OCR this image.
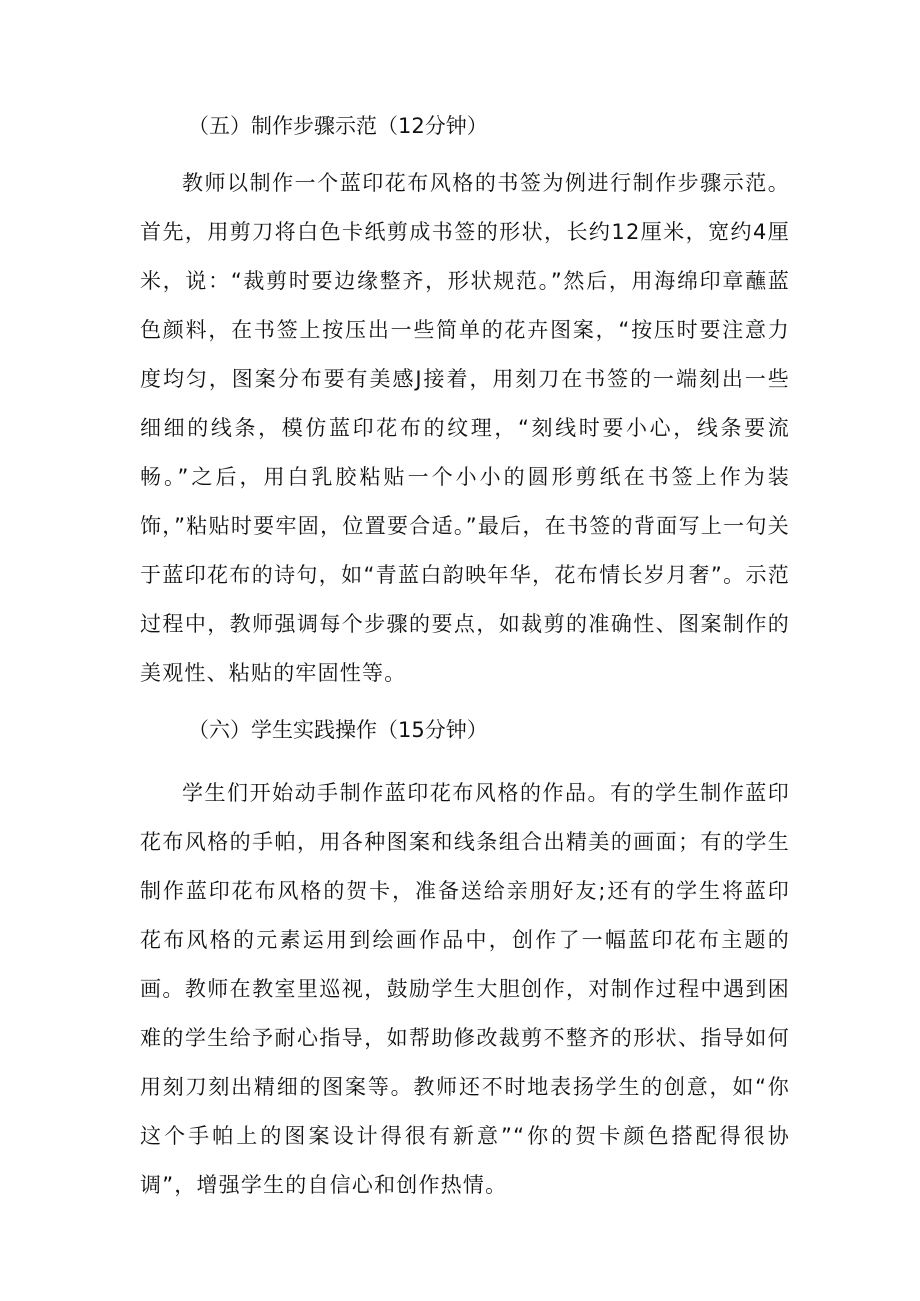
（五）制作步骤示范（12分钟）

教师以制作一个蓝印花布风格的书签为例进行制作步骤示范。首先，用剪刀将白色卡纸剪成书签的形状，长约12厘米，宽约4厘米，说：“裁剪时要边缘整齐，形状规范。”然后，用海绵印章蘸蓝色颜料，在书签上按压出一些简单的花卉图案，“按压时要注意力度均匀，图案分布要有美感J接着，用刻刀在书签的一端刻出一些细细的线条，模仿蓝印花布的纹理，“刻线时要小心，线条要流畅。”之后，用白乳胶粘贴一个小小的圆形剪纸在书签上作为装饰，”粘贴时要牢固，位置要合适。”最后，在书签的背面写上一句关于蓝印花布的诗句，如“青蓝白韵映年华，花布情长岁月奢”。示范过程中，教师强调每个步骤的要点，如裁剪的准确性、图案制作的美观性、粘贴的牢固性等。

（六）学生实践操作（15分钟）

学生们开始动手制作蓝印花布风格的作品。有的学生制作蓝印花布风格的手帕，用各种图案和线条组合出精美的画面；有的学生制作蓝印花布风格的贺卡，准备送给亲朋好友;还有的学生将蓝印花布风格的元素运用到绘画作品中，创作了一幅蓝印花布主题的画。教师在教室里巡视，鼓励学生大胆创作，对制作过程中遇到困难的学生给予耐心指导，如帮助修改裁剪不整齐的形状、指导如何用刻刀刻出精细的图案等。教师还不时地表扬学生的创意，如“你这个手帕上的图案设计得很有新意”“你的贺卡颜色搭配得很协调”，增强学生的自信心和创作热情。
